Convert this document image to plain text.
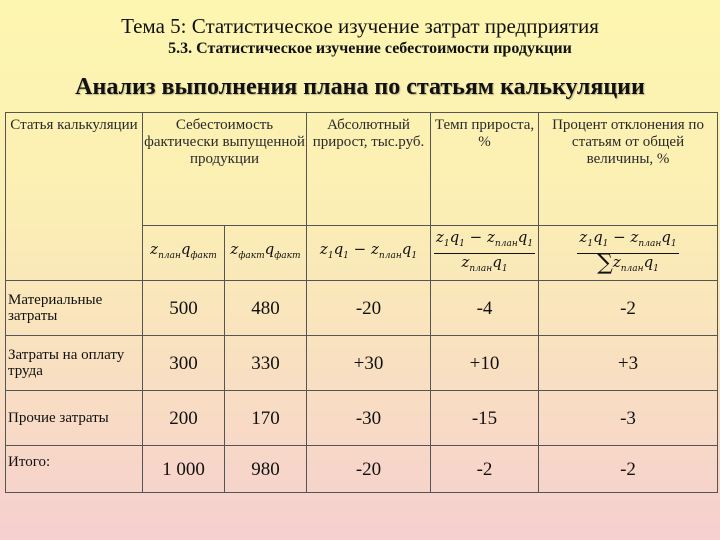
Тема 5: Статистическое изучение затрат предприятия
5.3. Статистическое изучение себестоимости продукции
Анализ выполнения плана по статьям калькуляции
Статья калькуляции	Себестоимость фактически выпущенной продукции		Абсолютный прирост, тыс.руб.	Темп прироста, %	Процент отклонения по статьям от общей величины, %
	$z_{план}q_{факт}$	$z_{факт}q_{факт}$	$z_1q_1 - z_{план}q_1$	$\frac{z_1q_1 - z_{план}q_1}{z_{план}q_1}$	$\frac{z_1q_1 - z_{план}q_1}{\sum z_{план}q_1}$

Материальные затраты	500	480	-20	-4	-2
Затраты на оплату труда	300	330	+30	+10	+3
Прочие затраты	200	170	-30	-15	-3
Итого:	1 000	980	-20	-2	-2
